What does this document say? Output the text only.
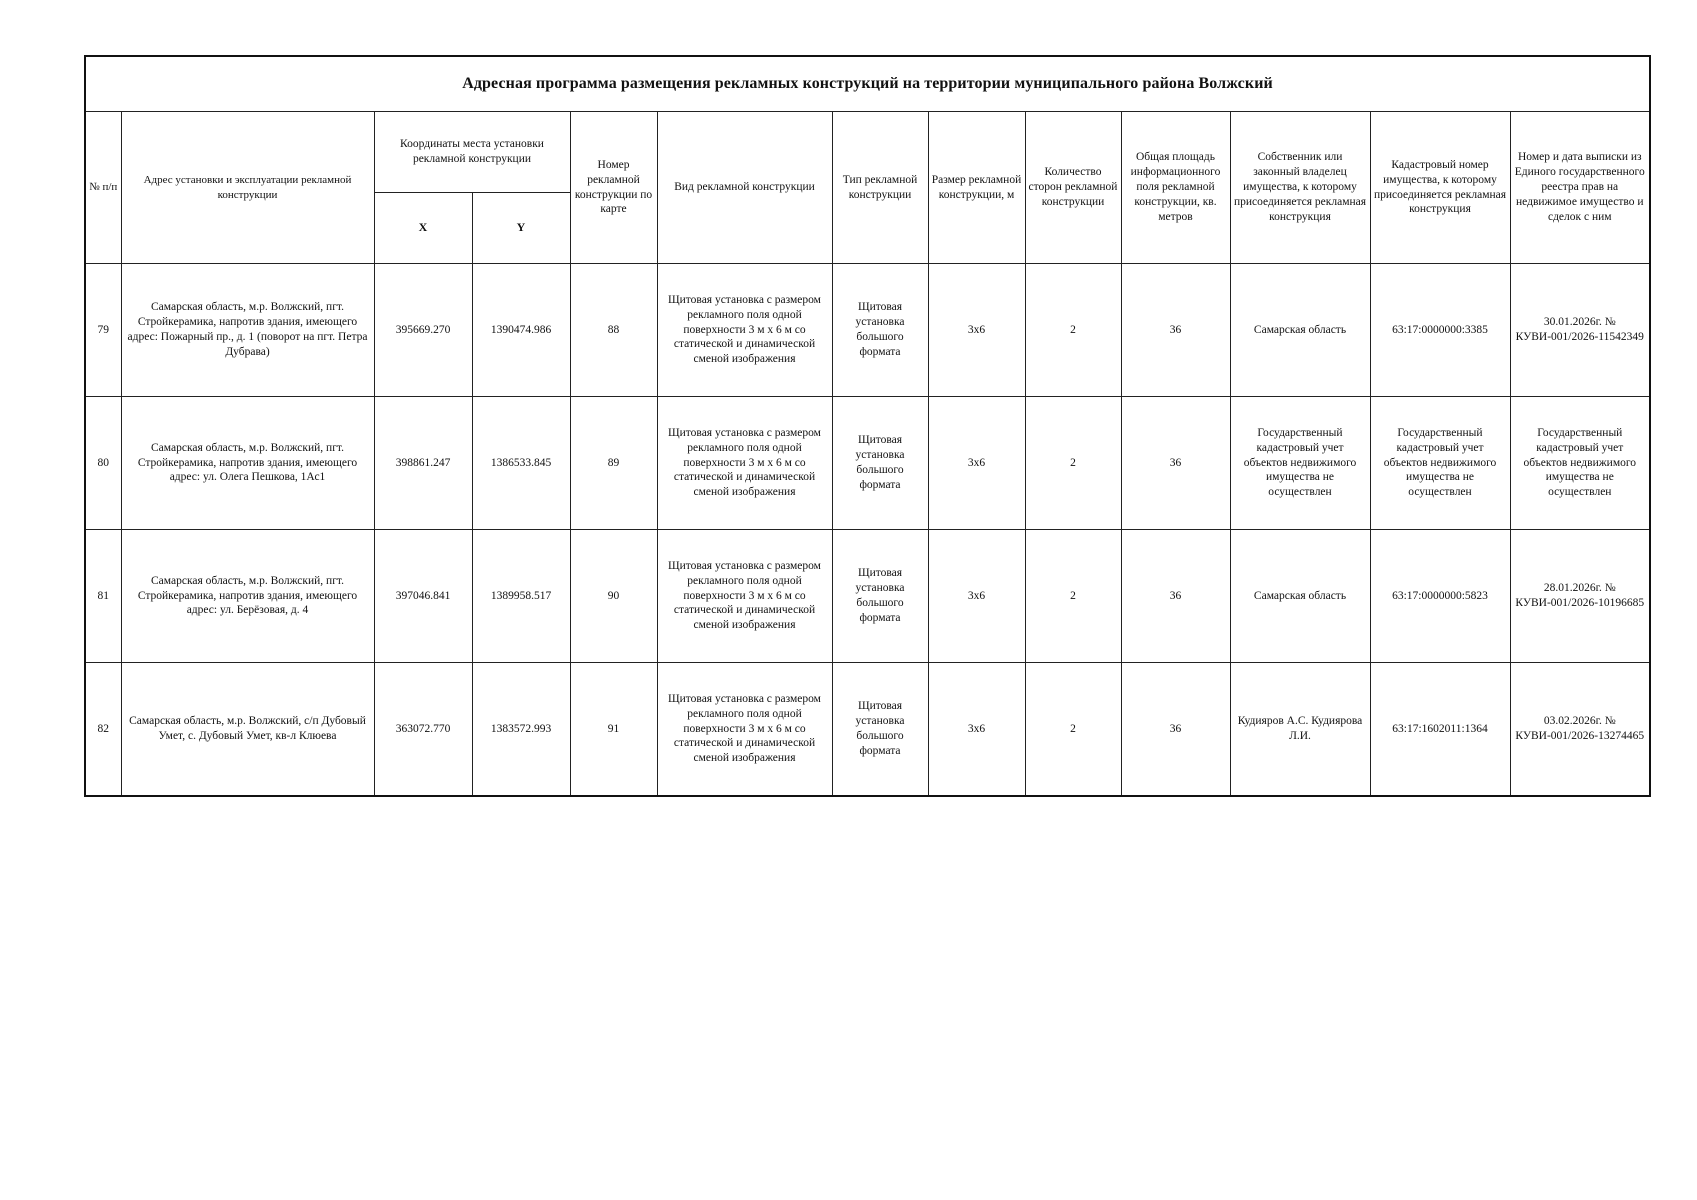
Адресная программа размещения рекламных конструкций на территории муниципального района Волжский												
№ п/п	Адрес установки и эксплуатации рекламной конструкции	Координаты места установки рекламной конструкции		Номер рекламной конструкции по карте	Вид рекламной конструкции	Тип рекламной конструкции	Размер рекламной конструкции, м	Количество сторон рекламной конструкции	Общая площадь информационного поля рекламной конструкции, кв. метров	Собственник или законный владелец имущества, к которому присоединяется рекламная конструкция	Кадастровый номер имущества, к которому присоединяется рекламная конструкция	Номер и дата выписки из Единого государственного реестра прав на недвижимое имущество и сделок с ним
		X	Y									
79	Самарская область, м.р. Волжский, пгт. Стройкерамика, напротив здания, имеющего адрес: Пожарный пр., д. 1 (поворот на пгт. Петра Дубрава)	395669.270	1390474.986	88	Щитовая установка с размером рекламного поля одной поверхности 3 м х 6 м со статической и динамической сменой изображения	Щитовая установка большого формата	3х6	2	36	Самарская область	63:17:0000000:3385	30.01.2026г. № КУВИ-001/2026-11542349
80	Самарская область, м.р. Волжский, пгт. Стройкерамика, напротив здания, имеющего адрес: ул. Олега Пешкова, 1Ас1	398861.247	1386533.845	89	Щитовая установка с размером рекламного поля одной поверхности 3 м х 6 м со статической и динамической сменой изображения	Щитовая установка большого формата	3х6	2	36	Государственный кадастровый учет объектов недвижимого имущества не осуществлен	Государственный кадастровый учет объектов недвижимого имущества не осуществлен	Государственный кадастровый учет объектов недвижимого имущества не осуществлен
81	Самарская область, м.р. Волжский, пгт. Стройкерамика, напротив здания, имеющего адрес: ул. Берёзовая, д. 4	397046.841	1389958.517	90	Щитовая установка с размером рекламного поля одной поверхности 3 м х 6 м со статической и динамической сменой изображения	Щитовая установка большого формата	3х6	2	36	Самарская область	63:17:0000000:5823	28.01.2026г. № КУВИ-001/2026-10196685
82	Самарская область, м.р. Волжский, с/п Дубовый Умет, с. Дубовый Умет, кв-л Клюева	363072.770	1383572.993	91	Щитовая установка с размером рекламного поля одной поверхности 3 м х 6 м со статической и динамической сменой изображения	Щитовая установка большого формата	3х6	2	36	Кудияров А.С. Кудиярова Л.И.	63:17:1602011:1364	03.02.2026г. № КУВИ-001/2026-13274465
